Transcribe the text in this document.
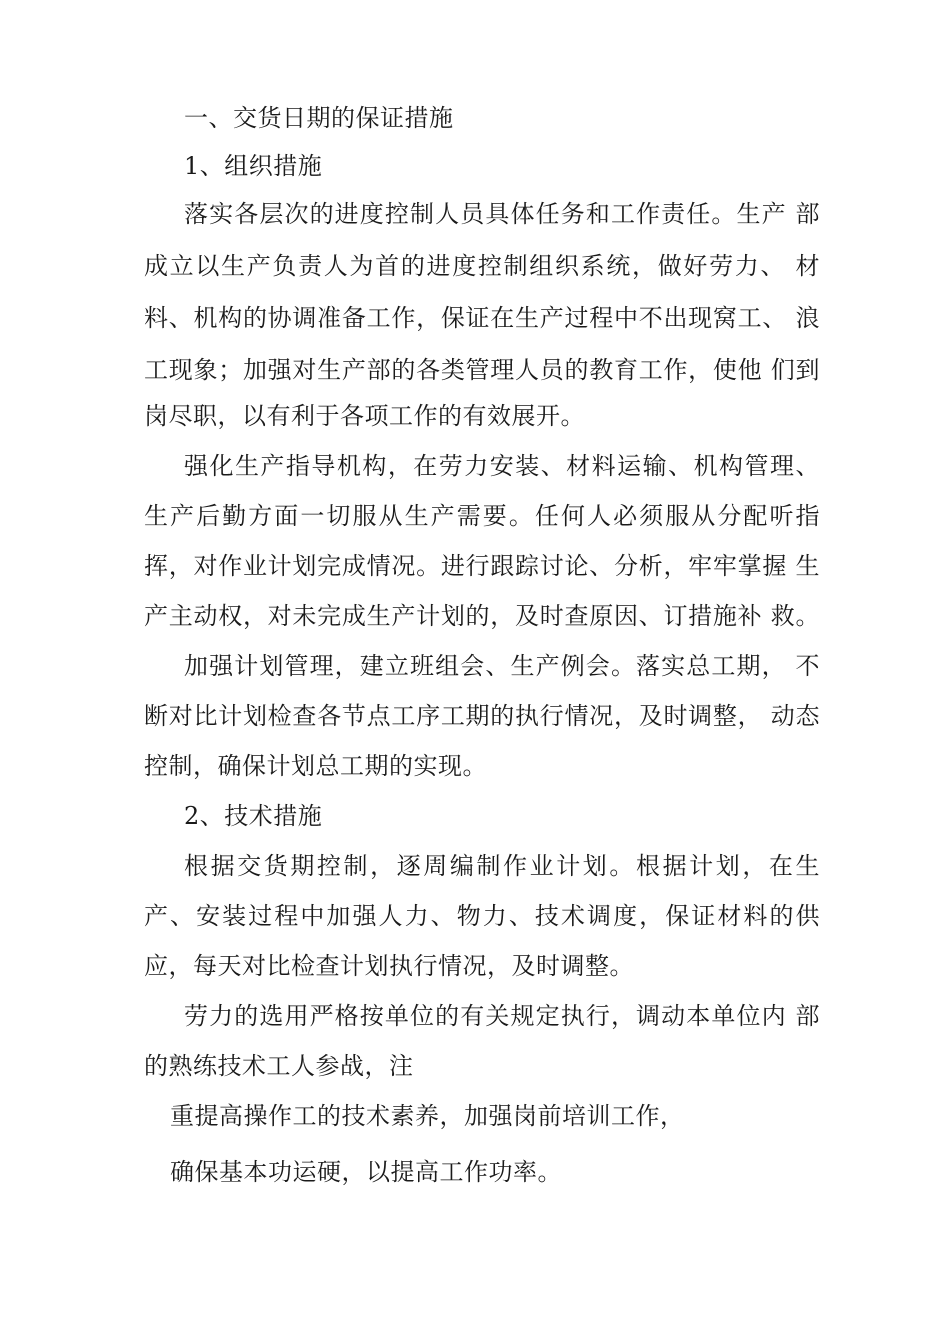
一、交货日期的保证措施
1、组织措施
落实各层次的进度控制人员具体任务和工作责任。生产 部
成立以生产负责人为首的进度控制组织系统，做好劳力、 材
料、机构的协调准备工作，保证在生产过程中不出现窝工、 浪
工现象；加强对生产部的各类管理人员的教育工作，使他 们到
岗尽职，以有利于各项工作的有效展开。
强化生产指导机构，在劳力安装、材料运输、机构管理、
生产后勤方面一切服从生产需要。任何人必须服从分配听指
挥，对作业计划完成情况。进行跟踪讨论、分析，牢牢掌握 生
产主动权，对未完成生产计划的，及时查原因、订措施补 救。
加强计划管理，建立班组会、生产例会。落实总工期， 不
断对比计划检查各节点工序工期的执行情况，及时调整， 动态
控制，确保计划总工期的实现。
2、技术措施
根据交货期控制，逐周编制作业计划。根据计划，在生
产、安装过程中加强人力、物力、技术调度，保证材料的供
应，每天对比检查计划执行情况，及时调整。
劳力的选用严格按单位的有关规定执行，调动本单位内 部
的熟练技术工人参战，注
重提高操作工的技术素养，加强岗前培训工作，
确保基本功运硬，以提高工作功率。
